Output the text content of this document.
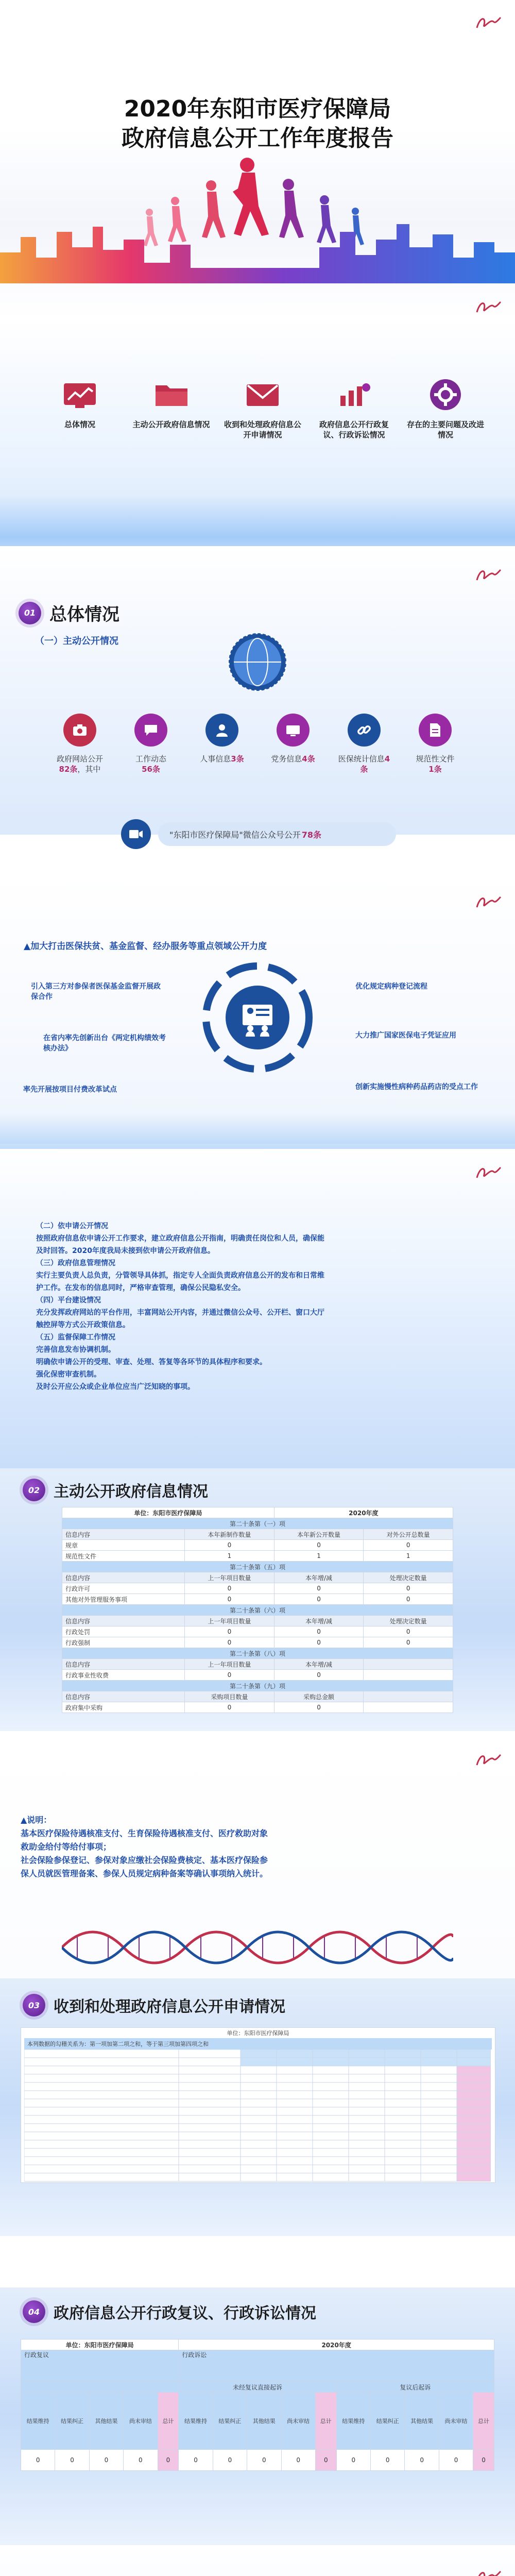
2020年东阳市医疗保障局
政府信息公开工作年度报告
总体情况	主动公开政府信息情况 收到和处理政府信息公开申请情况
政府信息公开行政复议、行政诉讼情况
存在的主要问题及改进情况
01 总体情况
（一）主动公开情况
政府网站公开82条，其中
工作动态
56条
人事信息3条	党务信息4条	医保统计信息4条
规范性文件
1条
"东阳市医疗保障局"微信公众号公开 78条
▲加大打击医保扶贫、基金监督、经办服务等重点领域公开力度
引入第三方对参保者医保基金监督开展政保合作
在省内率先创新出台《两定机构绩效考核办法》
率先开展按项目付费改革试点
优化规定病种登记流程
大力推广国家医保电子凭证应用
创新实施慢性病种药品药店的受点工作
（二）依申请公开情况
按照政府信息依申请公开工作要求，建立政府信息公开指南，明确责任岗位和人员，确保能
及时回答。2020年度我局未接到依申请公开政府信息。
（三）政府信息管理情况
实行主要负责人总负责，分管领导具体抓，指定专人全面负责政府信息公开的发布和日常维
护工作。在发布的信息同时，严格审查管理，确保公民隐私安全。
（四）平台建设情况
充分发挥政府网站的平台作用，丰富网站公开内容，并通过微信公众号、公开栏、窗口大厅
触控屏等方式公开政策信息。
（五）监督保障工作情况
完善信息发布协调机制。
明确依申请公开的受理、审查、处理、答复等各环节的具体程序和要求。
强化保密审查机制。
及时公开应公众或企业单位应当广泛知晓的事项。
02 主动公开政府信息情况
单位：东阳市医疗保障局		2020年度	
第二十条第（一）项			
信息内容	本年新制作数量	本年新公开数量	对外公开总数量
规章	0	0	0
规范性文件	1	1	1
第二十条第（五）项			
信息内容	上一年项目数量	本年增/减	处理决定数量
行政许可	0	0	0
其他对外管理服务事项	0	0	0
第二十条第（六）项			
信息内容	上一年项目数量	本年增/减	处理决定数量
行政处罚	0	0	0
行政强制	0	0	0
第二十条第（八）项			
信息内容	上一年项目数量	本年增/减	
行政事业性收费	0	0	
第二十条第（九）项			
信息内容	采购项目数量	采购总金额	
政府集中采购	0	0	
▲说明：
基本医疗保险待遇核准支付、生育保险待遇核准支付、医疗救助对象
救助金给付等给付事项；
社会保险参保登记、参保对象应缴社会保险费核定、基本医疗保险参
保人员就医管理备案、参保人员规定病种备案等确认事项纳入统计。
03 收到和处理政府信息公开申请情况
单位：东阳市医疗保障局
本列数据的勾稽关系为：第一项加第二项之和，等于第三项加第四项之和
04 政府信息公开行政复议、行政诉讼情况
单位：东阳市医疗保障局					2020年度									
行政复议					行政诉讼									
					未经复议直接起诉					复议后起诉				
结果维持	结果纠正	其他结果	尚未审结	总计	结果维持	结果纠正	其他结果	尚未审结	总计	结果维持	结果纠正	其他结果	尚未审结	总计
0	0	0	0	0	0	0	0	0	0	0	0	0	0	0
